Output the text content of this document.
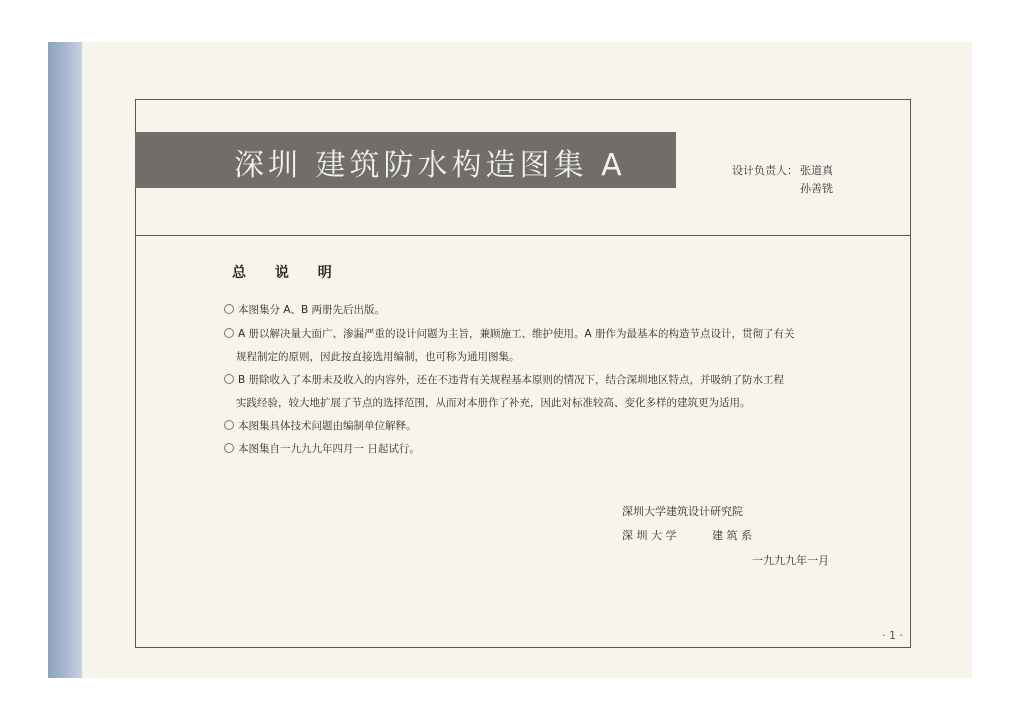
深圳 建筑防水构造图集 A	设计负责人： 张道真
孙善铣
总 说 明
本图集分 A、B 两册先后出版。
A 册以解决量大面广、渗漏严重的设计问题为主旨，兼顾施工、维护使用。A 册作为最基本的构造节点设计，贯彻了有关
规程制定的原则，因此按直接选用编制，也可称为通用图集。
B 册除收入了本册未及收入的内容外，还在不违背有关规程基本原则的情况下，结合深圳地区特点，并吸纳了防水工程
实践经验，较大地扩展了节点的选择范围，从而对本册作了补充，因此对标准较高、变化多样的建筑更为适用。
本图集具体技术问题由编制单位解释。
本图集自一九九九年四月一 日起试行。
深圳大学建筑设计研究院
深 圳 大 学	建 筑 系
一九九九年一月
· 1 ·
